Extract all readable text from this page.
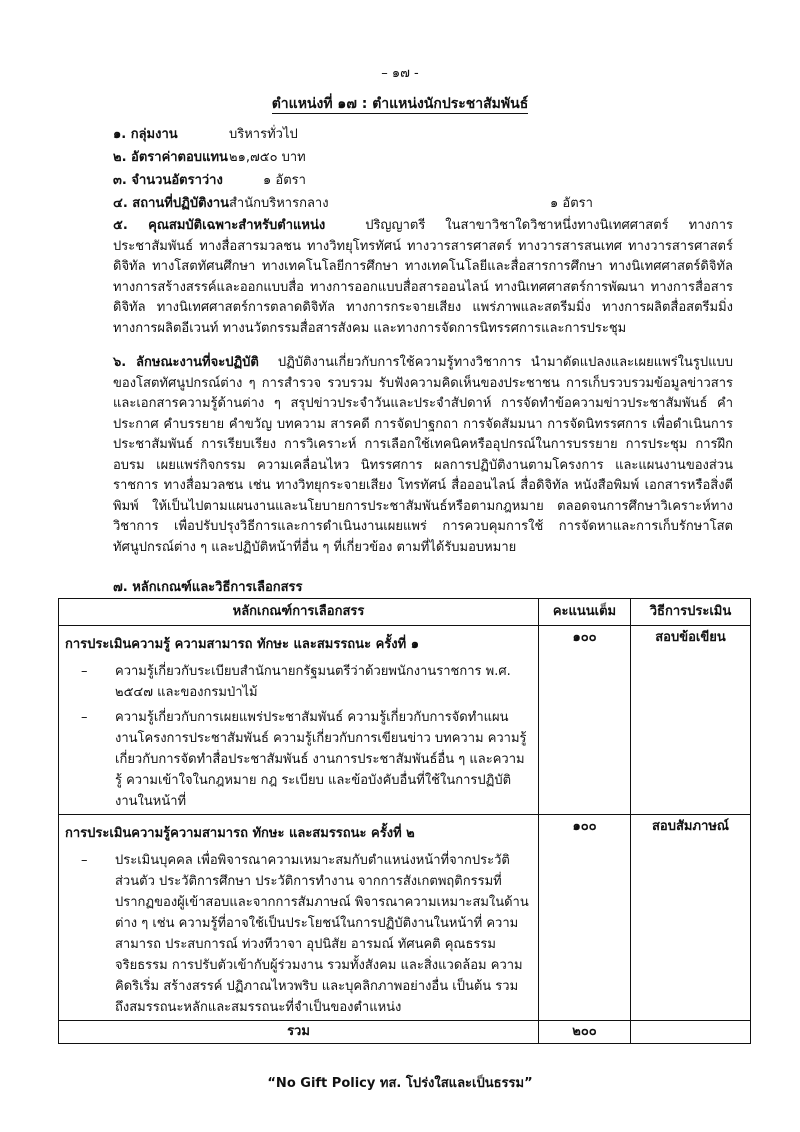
– ๑๗ -
ตำแหน่งที่ ๑๗ : ตำแหน่งนักประชาสัมพันธ์
๑. กลุ่มงาน	บริหารทั่วไป
๒. อัตราค่าตอบแทน ๒๑,๗๕๐ บาท
๓. จำนวนอัตราว่าง	๑ อัตรา
๔. สถานที่ปฏิบัติงาน สำนักบริหารกลาง	๑ อัตรา
๕. คุณสมบัติเฉพาะสำหรับตำแหน่ง	ปริญญาตรี ในสาขาวิชาใดวิชาหนึ่งทางนิเทศศาสตร์ ทางการประชาสัมพันธ์ ทางสื่อสารมวลชน ทางวิทยุโทรทัศน์ ทางวารสารศาสตร์ ทางวารสารสนเทศ ทางวารสารศาสตร์ ดิจิทัล ทางโสตทัศนศึกษา ทางเทคโนโลยีการศึกษา ทางเทคโนโลยีและสื่อสารการศึกษา ทางนิเทศศาสตร์ดิจิทัล ทางการสร้างสรรค์และออกแบบสื่อ ทางการออกแบบสื่อสารออนไลน์ ทางนิเทศศาสตร์การพัฒนา ทางการสื่อสารดิจิทัล ทางนิเทศศาสตร์การตลาดดิจิทัล ทางการกระจายเสียง แพร่ภาพและสตรีมมิ่ง ทางการผลิตสื่อสตรีมมิ่ง ทางการผลิตอีเวนท์ ทางนวัตกรรมสื่อสารสังคม และทางการจัดการนิทรรศการและการประชุม
๖. ลักษณะงานที่จะปฏิบัติ ปฏิบัติงานเกี่ยวกับการใช้ความรู้ทางวิชาการ นำมาดัดแปลงและเผยแพร่ในรูปแบบของโสตทัศนูปกรณ์ต่าง ๆ การสำรวจ รวบรวม รับฟังความคิดเห็นของประชาชน การเก็บรวบรวมข้อมูลข่าวสาร และเอกสารความรู้ด้านต่าง ๆ สรุปข่าวประจำวันและประจำสัปดาห์ การจัดทำข้อความข่าวประชาสัมพันธ์ คำประกาศ คำบรรยาย คำขวัญ บทความ สารคดี การจัดปาฐกถา การจัดสัมมนา การจัดนิทรรศการ เพื่อดำเนินการประชาสัมพันธ์ การเรียบเรียง การวิเคราะห์ การเลือกใช้เทคนิคหรืออุปกรณ์ในการบรรยาย การประชุม การฝึกอบรม เผยแพร่กิจกรรม ความเคลื่อนไหว นิทรรศการ ผลการปฏิบัติงานตามโครงการ และแผนงานของส่วนราชการ ทางสื่อมวลชน เช่น ทางวิทยุกระจายเสียง โทรทัศน์ สื่อออนไลน์ สื่อดิจิทัล หนังสือพิมพ์ เอกสารหรือสิ่งตีพิมพ์ ให้เป็นไปตามแผนงานและนโยบายการประชาสัมพันธ์หรือตามกฎหมาย ตลอดจนการศึกษาวิเคราะห์ทางวิชาการ เพื่อปรับปรุงวิธีการและการดำเนินงานเผยแพร่ การควบคุมการใช้ การจัดหาและการเก็บรักษาโสตทัศนูปกรณ์ต่าง ๆ และปฏิบัติหน้าที่อื่น ๆ ที่เกี่ยวข้อง ตามที่ได้รับมอบหมาย
๗. หลักเกณฑ์และวิธีการเลือกสรร
หลักเกณฑ์การเลือกสรร	คะแนนเต็ม	วิธีการประเมิน

การประเมินความรู้ ความสามารถ ทักษะ และสมรรถนะ ครั้งที่ ๑
– ความรู้เกี่ยวกับระเบียบสำนักนายกรัฐมนตรีว่าด้วยพนักงานราชการ พ.ศ. ๒๕๔๗ และของกรมป่าไม้
– ความรู้เกี่ยวกับการเผยแพร่ประชาสัมพันธ์ ความรู้เกี่ยวกับการจัดทำแผนงานโครงการประชาสัมพันธ์ ความรู้เกี่ยวกับการเขียนข่าว บทความ ความรู้เกี่ยวกับการจัดทำสื่อประชาสัมพันธ์ งานการประชาสัมพันธ์อื่น ๆ และความรู้ ความเข้าใจในกฎหมาย กฎ ระเบียบ และข้อบังคับอื่นที่ใช้ในการปฏิบัติงานในหน้าที่	๑๐๐	สอบข้อเขียน

การประเมินความรู้ความสามารถ ทักษะ และสมรรถนะ ครั้งที่ ๒
– ประเมินบุคคล เพื่อพิจารณาความเหมาะสมกับตำแหน่งหน้าที่จากประวัติส่วนตัว ประวัติการศึกษา ประวัติการทำงาน จากการสังเกตพฤติกรรมที่ปรากฏของผู้เข้าสอบและจากการสัมภาษณ์ พิจารณาความเหมาะสมในด้านต่าง ๆ เช่น ความรู้ที่อาจใช้เป็นประโยชน์ในการปฏิบัติงานในหน้าที่ ความสามารถ ประสบการณ์ ท่วงทีวาจา อุปนิสัย อารมณ์ ทัศนคติ คุณธรรม จริยธรรม การปรับตัวเข้ากับผู้ร่วมงาน รวมทั้งสังคม และสิ่งแวดล้อม ความคิดริเริ่ม สร้างสรรค์ ปฏิภาณไหวพริบ และบุคลิกภาพอย่างอื่น เป็นต้น รวมถึงสมรรถนะหลักและสมรรถนะที่จำเป็นของตำแหน่ง	๑๐๐	สอบสัมภาษณ์
รวม	๒๐๐	
“No Gift Policy ทส. โปร่งใสและเป็นธรรม”
